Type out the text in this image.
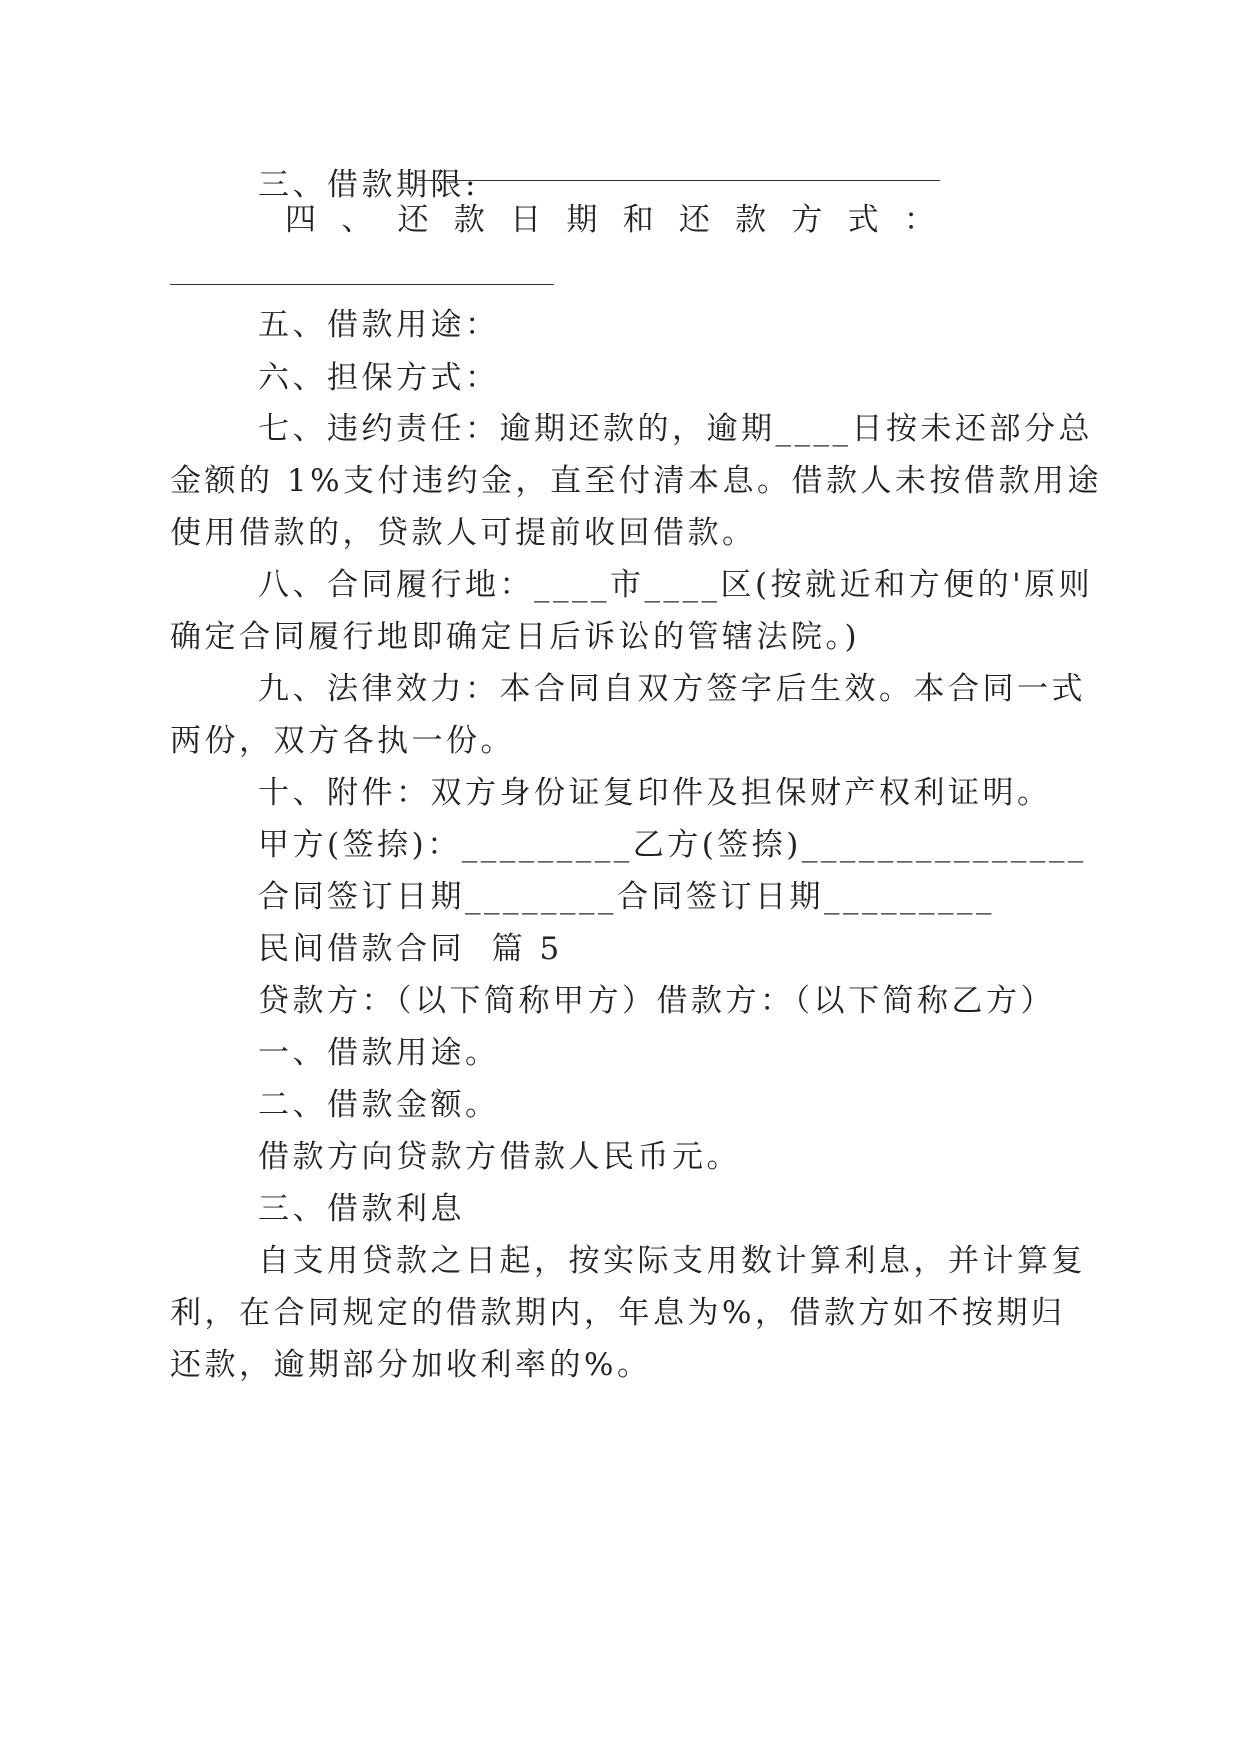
三、借款期限:
四 、 还 款 日 期 和 还 款 方 式 ：
五、借款用途：
六、担保方式：
七、违约责任：逾期还款的，逾期____日按未还部分总
金额的 1%支付违约金，直至付清本息。借款人未按借款用途
使用借款的，贷款人可提前收回借款。
八、合同履行地：____市____区(按就近和方便的'原则
确定合同履行地即确定日后诉讼的管辖法院。)
九、法律效力：本合同自双方签字后生效。本合同一式
两份，双方各执一份。
十、附件：双方身份证复印件及担保财产权利证明。
甲方(签捺)：_________乙方(签捺)_______________
合同签订日期________合同签订日期_________
民间借款合同  篇 5
贷款方：（以下简称甲方）借款方：（以下简称乙方）
一、借款用途。
二、借款金额。
借款方向贷款方借款人民币元。
三、借款利息
自支用贷款之日起，按实际支用数计算利息，并计算复
利，在合同规定的借款期内，年息为%，借款方如不按期归
还款，逾期部分加收利率的%。
